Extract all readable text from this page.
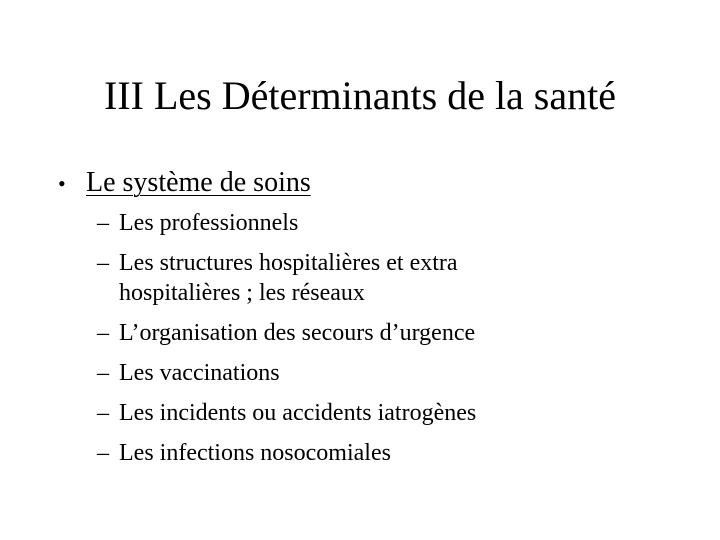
III Les Déterminants de la santé
• Le système de soins
– Les professionnels
– Les structures hospitalières et extra hospitalières ; les réseaux
– L’organisation des secours d’urgence
– Les vaccinations
– Les incidents ou accidents iatrogènes
– Les infections nosocomiales
